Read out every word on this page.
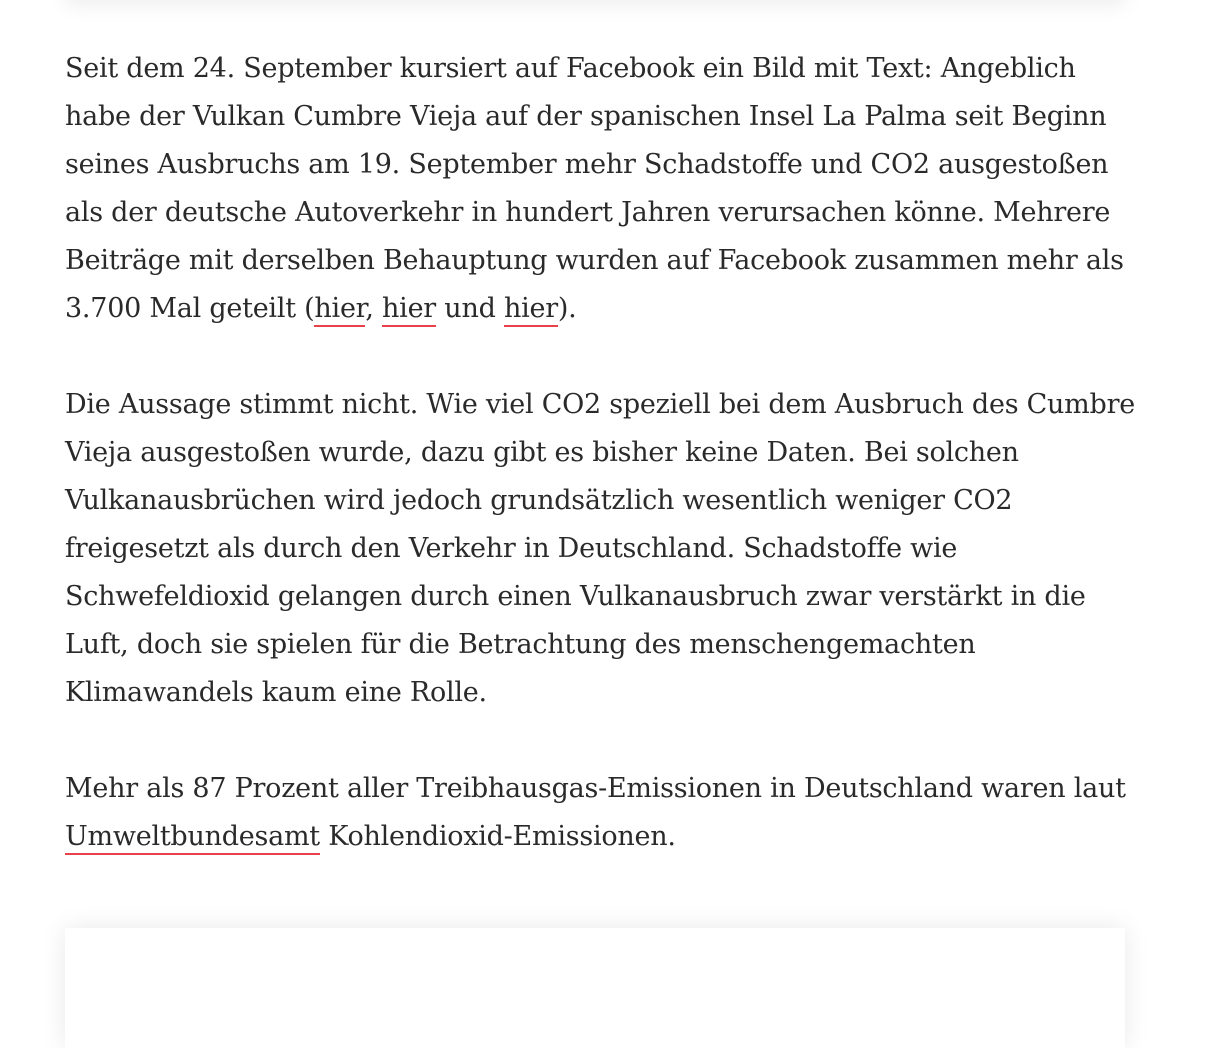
Seit dem 24. September kursiert auf Facebook ein Bild mit Text: Angeblich habe der Vulkan Cumbre Vieja auf der spanischen Insel La Palma seit Beginn seines Ausbruchs am 19. September mehr Schadstoffe und CO2 ausgestoßen als der deutsche Autoverkehr in hundert Jahren verursachen könne. Mehrere Beiträge mit derselben Behauptung wurden auf Facebook zusammen mehr als 3.700 Mal geteilt (hier, hier und hier).

Die Aussage stimmt nicht. Wie viel CO2 speziell bei dem Ausbruch des Cumbre Vieja ausgestoßen wurde, dazu gibt es bisher keine Daten. Bei solchen Vulkanausbrüchen wird jedoch grundsätzlich wesentlich weniger CO2 freigesetzt als durch den Verkehr in Deutschland. Schadstoffe wie Schwefeldioxid gelangen durch einen Vulkanausbruch zwar verstärkt in die Luft, doch sie spielen für die Betrachtung des menschengemachten Klimawandels kaum eine Rolle.

Mehr als 87 Prozent aller Treibhausgas-Emissionen in Deutschland waren laut Umweltbundesamt Kohlendioxid-Emissionen.
